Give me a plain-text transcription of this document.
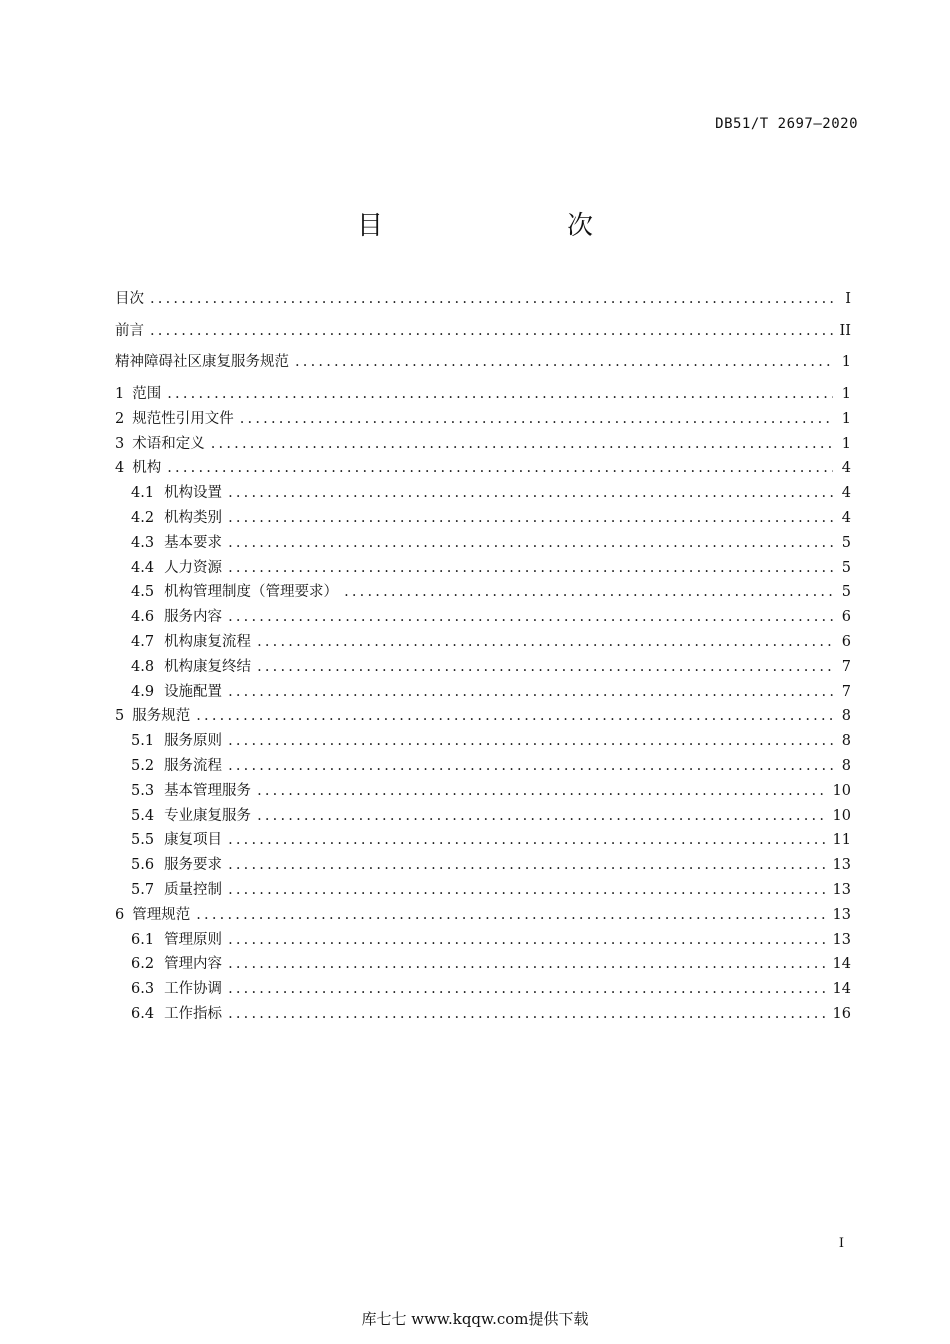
DB51/T 2697—2020
目　　次
目次 .....	I
前言 .....	II
精神障碍社区康复服务规范 .....	1
1 范围 .....	1
2 规范性引用文件 .....	1
3 术语和定义 .....	1
4 机构 .....	4
4.1 机构设置 .....	4
4.2 机构类别 .....	4
4.3 基本要求 .....	5
4.4 人力资源 .....	5
4.5 机构管理制度（管理要求） .....	5
4.6 服务内容 .....	6
4.7 机构康复流程 .....	6
4.8 机构康复终结 .....	7
4.9 设施配置 .....	7
5 服务规范 .....	8
5.1 服务原则 .....	8
5.2 服务流程 .....	8
5.3 基本管理服务 .....	10
5.4 专业康复服务 .....	10
5.5 康复项目 .....	11
5.6 服务要求 .....	13
5.7 质量控制 .....	13
6 管理规范 .....	13
6.1 管理原则 .....	13
6.2 管理内容 .....	14
6.3 工作协调 .....	14
6.4 工作指标 .....	16
I
库七七 www.kqqw.com提供下载
